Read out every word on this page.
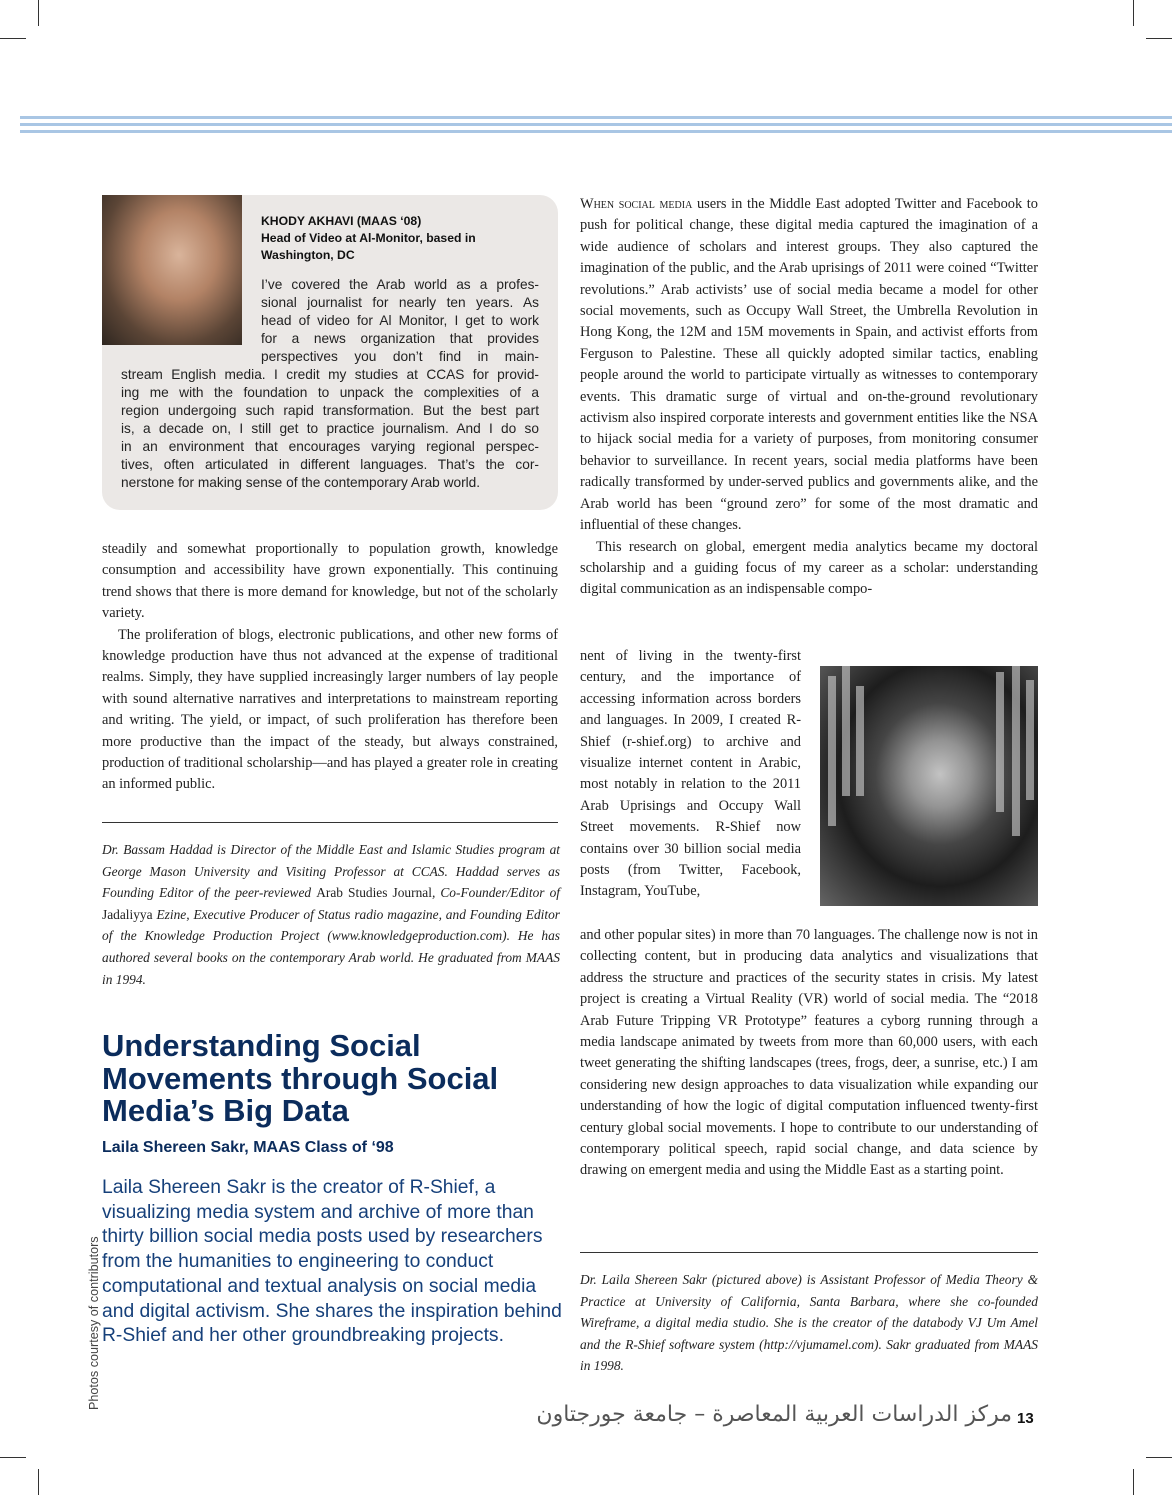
KHODY AKHAVI (MAAS ‘08)
Head of Video at Al-Monitor, based in Washington, DC
I’ve covered the Arab world as a profes-
sional journalist for nearly ten years. As
head of video for Al Monitor, I get to work
for a news organization that provides
perspectives you don’t find in main-
stream English media. I credit my studies at CCAS for provid-
ing me with the foundation to unpack the complexities of a
region undergoing such rapid transformation. But the best part
is, a decade on, I still get to practice journalism. And I do so
in an environment that encourages varying regional perspec-
tives, often articulated in different languages. That’s the cor-
nerstone for making sense of the contemporary Arab world.

steadily and somewhat proportionally to population growth, knowledge consumption and accessibility have grown exponentially. This continuing trend shows that there is more demand for knowledge, but not of the scholarly variety.

The proliferation of blogs, electronic publications, and other new forms of knowledge production have thus not advanced at the expense of traditional realms. Simply, they have supplied increasingly larger numbers of lay people with sound alternative narratives and interpretations to mainstream reporting and writing. The yield, or impact, of such proliferation has therefore been more productive than the impact of the steady, but always constrained, production of traditional scholarship—and has played a greater role in creating an informed public.

Dr. Bassam Haddad is Director of the Middle East and Islamic Studies program at George Mason University and Visiting Professor at CCAS. Haddad serves as Founding Editor of the peer-reviewed Arab Studies Journal, Co-Founder/Editor of Jadaliyya Ezine, Executive Producer of Status radio magazine, and Founding Editor of the Knowledge Production Project (www.knowledgeproduction.com). He has authored several books on the contemporary Arab world. He graduated from MAAS in 1994.
Understanding Social Movements through Social Media’s Big Data
Laila Shereen Sakr, MAAS Class of ‘98
Laila Shereen Sakr is the creator of R-Shief, a visualizing media system and archive of more than thirty billion social media posts used by researchers from the humanities to engineering to conduct computational and textual analysis on social media and digital activism. She shares the inspiration behind R-Shief and her other groundbreaking projects.
Photos courtesy of contributors

When social media users in the Middle East adopted Twitter and Facebook to push for political change, these digital media captured the imagination of a wide audience of scholars and interest groups. They also captured the imagination of the public, and the Arab uprisings of 2011 were coined “Twitter revolutions.” Arab activists’ use of social media became a model for other social movements, such as Occupy Wall Street, the Umbrella Revolution in Hong Kong, the 12M and 15M movements in Spain, and activist efforts from Ferguson to Palestine. These all quickly adopted similar tactics, enabling people around the world to participate virtually as witnesses to contemporary events. This dramatic surge of virtual and on-the-ground revolutionary activism also inspired corporate interests and government entities like the NSA to hijack social media for a variety of purposes, from monitoring consumer behavior to surveillance. In recent years, social media platforms have been radically transformed by under-served publics and governments alike, and the Arab world has been “ground zero” for some of the most dramatic and influential of these changes.

This research on global, emergent media analytics became my doctoral scholarship and a guiding focus of my career as a scholar: understanding digital communication as an indispensable compo-

nent of living in the twenty-first century, and the importance of accessing information across borders and languages. In 2009, I created R-Shief (r-shief.org) to archive and visualize internet content in Arabic, most notably in relation to the 2011 Arab Uprisings and Occupy Wall Street movements. R-Shief now contains over 30 billion social media posts (from Twitter, Facebook, Instagram, YouTube,
and other popular sites) in more than 70 languages. The challenge now is not in collecting content, but in producing data analytics and visualizations that address the structure and practices of the security states in crisis. My latest project is creating a Virtual Reality (VR) world of social media. The “2018 Arab Future Tripping VR Prototype” features a cyborg running through a media landscape animated by tweets from more than 60,000 users, with each tweet generating the shifting landscapes (trees, frogs, deer, a sunrise, etc.) I am considering new design approaches to data visualization while expanding our understanding of how the logic of digital computation influenced twenty-first century global social movements. I hope to contribute to our understanding of contemporary political speech, rapid social change, and data science by drawing on emergent media and using the Middle East as a starting point.
Dr. Laila Shereen Sakr (pictured above) is Assistant Professor of Media Theory & Practice at University of California, Santa Barbara, where she co-founded Wireframe, a digital media studio. She is the creator of the databody VJ Um Amel and the R-Shief software system (http://vjumamel.com). Sakr graduated from MAAS in 1998.
مركز الدراسات العربية المعاصرة – جامعة جورجتاون 13
